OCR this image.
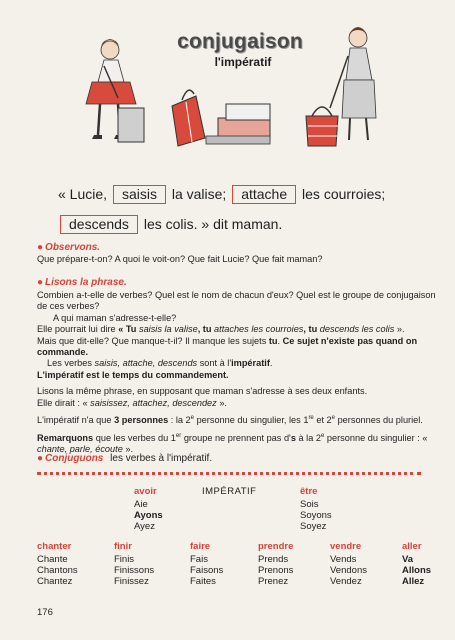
conjugaison
l'impératif
« Lucie, saisis la valise; attache les courroies;
descends les colis. » dit maman.
● Observons.
Que prépare-t-on? A quoi le voit-on? Que fait Lucie? Que fait maman?
● Lisons la phrase.
Combien a-t-elle de verbes? Quel est le nom de chacun d'eux? Quel est le groupe de conjugaison de ces verbes?
A qui maman s'adresse-t-elle?
Elle pourrait lui dire « Tu saisis la valise, tu attaches les courroies, tu descends les colis ».
Mais que dit-elle? Que manque-t-il? Il manque les sujets tu. Ce sujet n'existe pas quand on commande.
Les verbes saisis, attache, descends sont à l'impératif.
L'impératif est le temps du commandement.
Lisons la même phrase, en supposant que maman s'adresse à ses deux enfants.
Elle dirait : « saisissez, attachez, descendez ».
L'impératif n'a que 3 personnes : la 2e personne du singulier, les 1re et 2e personnes du pluriel.
Remarquons que les verbes du 1er groupe ne prennent pas d's à la 2e personne du singulier : « chante, parle, écoute ».
● Conjuguons les verbes à l'impératif.
avoir
Aie
Ayons
Ayez
IMPÉRATIF	être
Sois
Soyons
Soyez
chanter
Chante
Chantons
Chantez
finir
Finis
Finissons
Finissez
faire
Fais
Faisons
Faites
prendre
Prends
Prenons
Prenez
vendre
Vends
Vendons
Vendez
aller
Va
Allons
Allez
176
